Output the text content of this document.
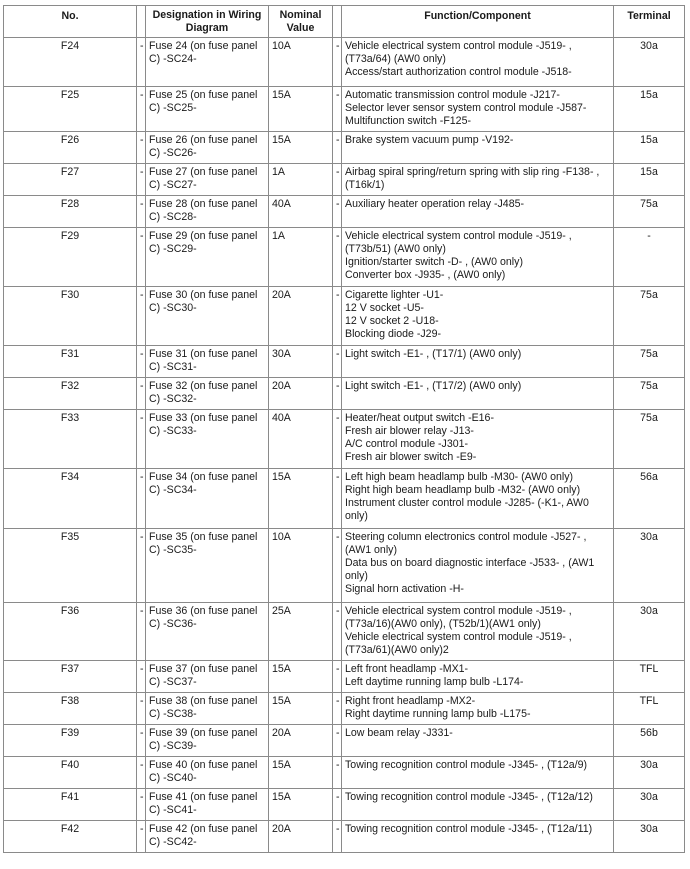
No.		Designation in Wiring Diagram	Nominal Value		Function/Component	Terminal
F24	-	Fuse 24 (on fuse panel C) -SC24-	10A	-	Vehicle electrical system control module -J519- , (T73a/64) (AW0 only)
Access/start authorization control module -J518-	30a
F25	-	Fuse 25 (on fuse panel C) -SC25-	15A	-	Automatic transmission control module -J217-
Selector lever sensor system control module -J587-
Multifunction switch -F125-	15a
F26	-	Fuse 26 (on fuse panel C) -SC26-	15A	-	Brake system vacuum pump -V192-	15a
F27	-	Fuse 27 (on fuse panel C) -SC27-	1A	-	Airbag spiral spring/return spring with slip ring -F138- , (T16k/1)	15a
F28	-	Fuse 28 (on fuse panel C) -SC28-	40A	-	Auxiliary heater operation relay -J485-	75a
F29	-	Fuse 29 (on fuse panel C) -SC29-	1A	-	Vehicle electrical system control module -J519- , (T73b/51) (AW0 only)
Ignition/starter switch -D- , (AW0 only)
Converter box -J935- , (AW0 only)	-
F30	-	Fuse 30 (on fuse panel C) -SC30-	20A	-	Cigarette lighter -U1-
12 V socket -U5-
12 V socket 2 -U18-
Blocking diode -J29-	75a
F31	-	Fuse 31 (on fuse panel C) -SC31-	30A	-	Light switch -E1- , (T17/1) (AW0 only)	75a
F32	-	Fuse 32 (on fuse panel C) -SC32-	20A	-	Light switch -E1- , (T17/2) (AW0 only)	75a
F33	-	Fuse 33 (on fuse panel C) -SC33-	40A	-	Heater/heat output switch -E16-
Fresh air blower relay -J13-
A/C control module -J301-
Fresh air blower switch -E9-	75a
F34	-	Fuse 34 (on fuse panel C) -SC34-	15A	-	Left high beam headlamp bulb -M30- (AW0 only)
Right high beam headlamp bulb -M32- (AW0 only)
Instrument cluster control module -J285- (-K1-, AW0 only)	56a
F35	-	Fuse 35 (on fuse panel C) -SC35-	10A	-	Steering column electronics control module -J527- , (AW1 only)
Data bus on board diagnostic interface -J533- , (AW1 only)
Signal horn activation -H-	30a
F36	-	Fuse 36 (on fuse panel C) -SC36-	25A	-	Vehicle electrical system control module -J519- , (T73a/16)(AW0 only), (T52b/1)(AW1 only)
Vehicle electrical system control module -J519- , (T73a/61)(AW0 only)2	30a
F37	-	Fuse 37 (on fuse panel C) -SC37-	15A	-	Left front headlamp -MX1-
Left daytime running lamp bulb -L174-	TFL
F38	-	Fuse 38 (on fuse panel C) -SC38-	15A	-	Right front headlamp -MX2-
Right daytime running lamp bulb -L175-	TFL
F39	-	Fuse 39 (on fuse panel C) -SC39-	20A	-	Low beam relay -J331-	56b
F40	-	Fuse 40 (on fuse panel C) -SC40-	15A	-	Towing recognition control module -J345- , (T12a/9)	30a
F41	-	Fuse 41 (on fuse panel C) -SC41-	15A	-	Towing recognition control module -J345- , (T12a/12)	30a
F42	-	Fuse 42 (on fuse panel C) -SC42-	20A	-	Towing recognition control module -J345- , (T12a/11)	30a
